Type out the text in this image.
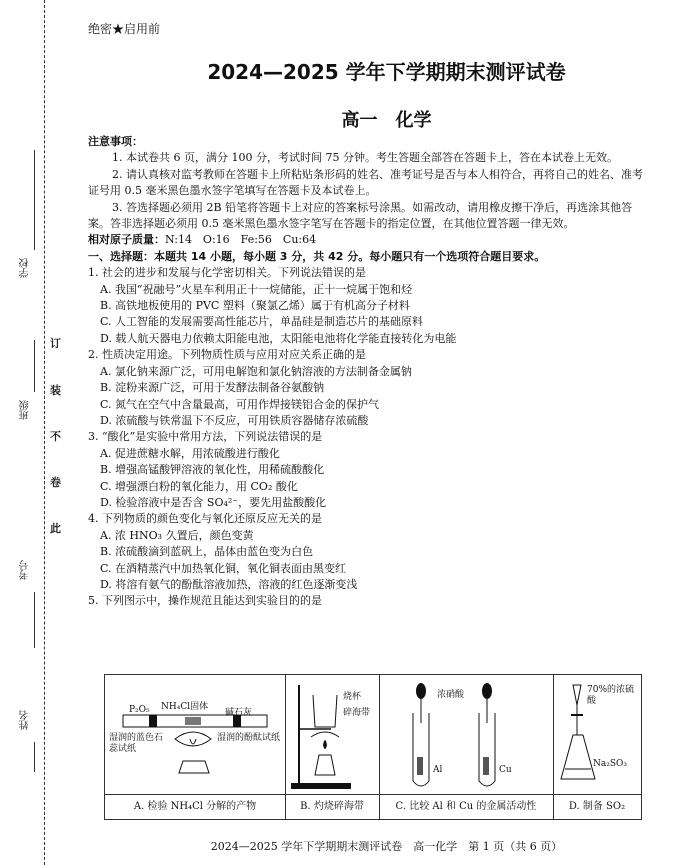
学校
班级
考号
姓名
订
装
不
卷
此
绝密★启用前
2024—2025 学年下学期期末测评试卷
高一　化学

注意事项：

1. 本试卷共 6 页，满分 100 分，考试时间 75 分钟。考生答题全部答在答题卡上，答在本试卷上无效。

2. 请认真核对监考教师在答题卡上所粘贴条形码的姓名、准考证号是否与本人相符合，再将自己的姓名、准考证号用 0.5 毫米黑色墨水签字笔填写在答题卡及本试卷上。

3. 答选择题必须用 2B 铅笔将答题卡上对应的答案标号涂黑。如需改动，请用橡皮擦干净后，再选涂其他答案。答非选择题必须用 0.5 毫米黑色墨水签字笔写在答题卡的指定位置，在其他位置答题一律无效。

相对原子质量：N:14　O:16　Fe:56　Cu:64

一、选择题：本题共 14 小题，每小题 3 分，共 42 分。每小题只有一个选项符合题目要求。

1. 社会的进步和发展与化学密切相关。下列说法错误的是

A. 我国“祝融号”火星车利用正十一烷储能，正十一烷属于饱和烃

B. 高铁地板使用的 PVC 塑料（聚氯乙烯）属于有机高分子材料

C. 人工智能的发展需要高性能芯片，单晶硅是制造芯片的基础原料

D. 载人航天器电力依赖太阳能电池，太阳能电池将化学能直接转化为电能

2. 性质决定用途。下列物质性质与应用对应关系正确的是

A. 氯化钠来源广泛，可用电解饱和氯化钠溶液的方法制备金属钠

B. 淀粉来源广泛，可用于发酵法制备谷氨酸钠

C. 氮气在空气中含量最高，可用作焊接镁铝合金的保护气

D. 浓硫酸与铁常温下不反应，可用铁质容器储存浓硫酸

3. “酸化”是实验中常用方法，下列说法错误的是

A. 促进蔗糖水解，用浓硫酸进行酸化

B. 增强高锰酸钾溶液的氧化性，用稀硫酸酸化

C. 增强漂白粉的氧化能力，用 CO₂ 酸化

D. 检验溶液中是否含 SO₄²⁻，要先用盐酸酸化

4. 下列物质的颜色变化与氧化还原反应无关的是

A. 浓 HNO₃ 久置后，颜色变黄

B. 浓硫酸滴到蓝矾上，晶体由蓝色变为白色

C. 在酒精蒸汽中加热氧化铜，氧化铜表面由黑变红

D. 将溶有氨气的酚酞溶液加热，溶液的红色逐渐变浅

5. 下列图示中，操作规范且能达到实验目的的是

P₂O₅ NH₄Cl固体
碱石灰
湿润的蓝色石蕊试纸
湿润的酚酞试纸
A. 检验 NH₄Cl 分解的产物
烧杯
碎海带
B. 灼烧碎海带
浓硝酸
Al	Cu
C. 比较 Al 和 Cu 的金属活动性
70%的浓硫酸
Na₂SO₃
D. 制备 SO₂
2024—2025 学年下学期期末测评试卷　高一化学　第 1 页（共 6 页）
